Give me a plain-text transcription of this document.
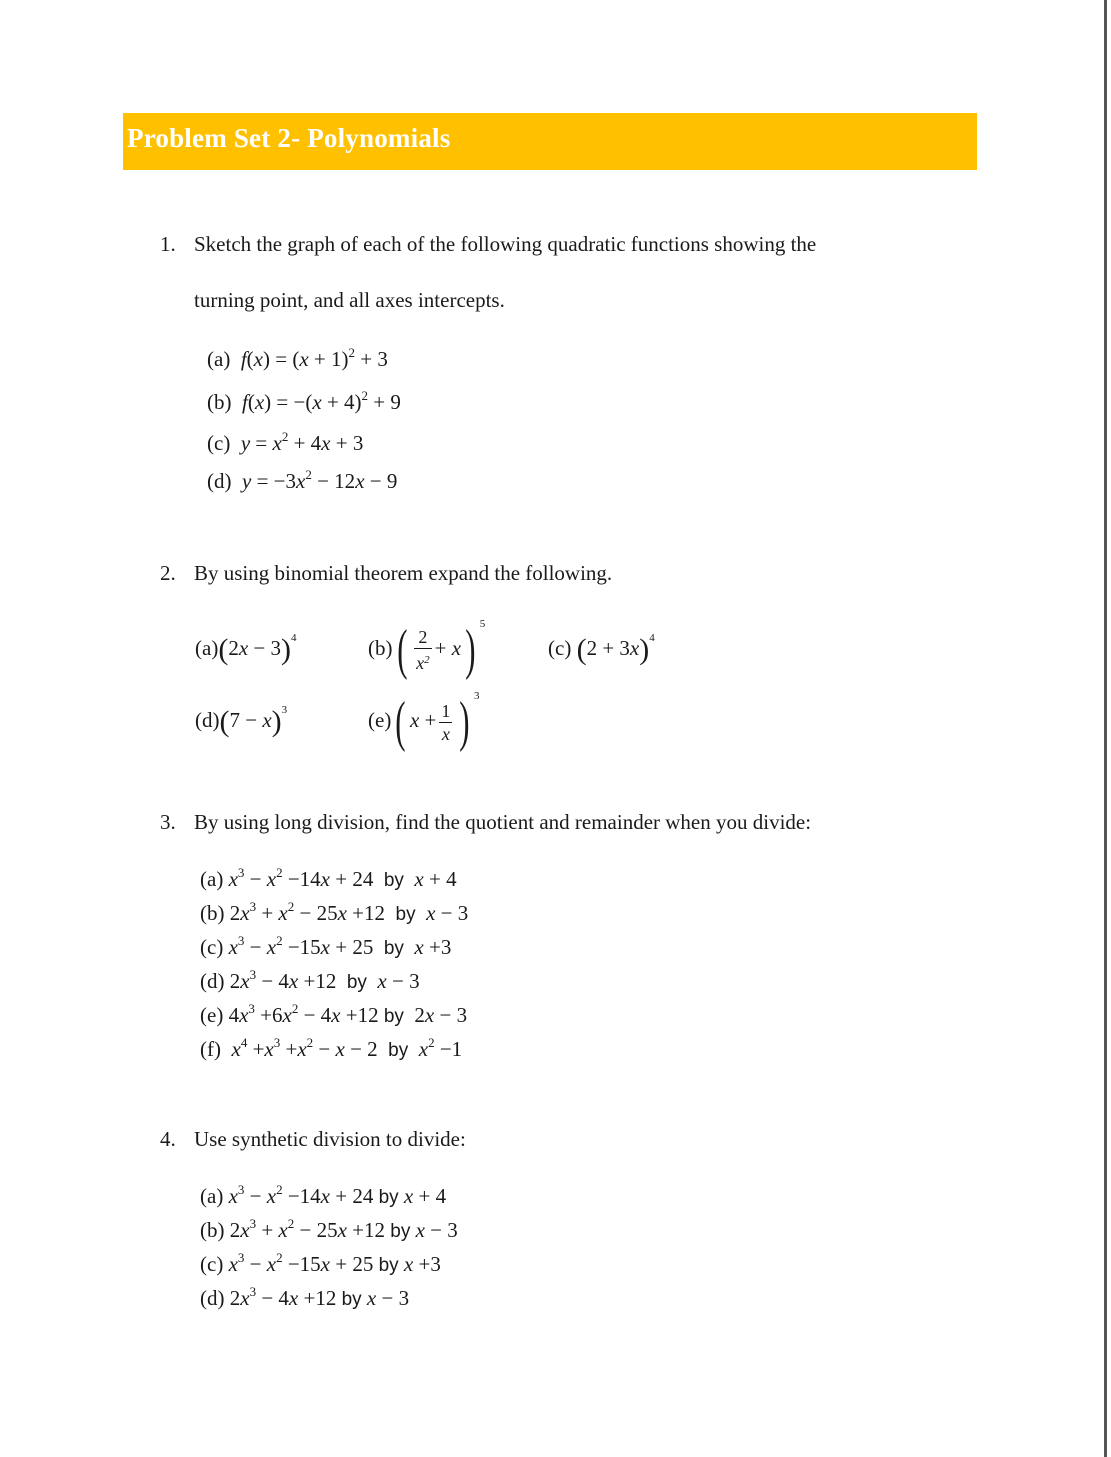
Problem Set 2- Polynomials
1. Sketch the graph of each of the following quadratic functions showing the
turning point, and all axes intercepts.
(a) $f(x) = (x + 1)^2 + 3$
(b) $f(x) = -(x + 4)^2 + 9$
(c) $y = x^2 + 4x + 3$
(d) $y = -3x^2 - 12x - 9$
2. By using binomial theorem expand the following.
$(a)(2x - 3)^4$	$(b)( \frac{2}{x^2} + x)$ $^5$
(c) $(2 + 3x)^4$
$(d)(7 - x)^3$	(e)( $x + \frac{1}{x}$ ) $^3$
3. By using long division, find the quotient and remainder when you divide:
(a) $x^3 - x^2 -14x + 24$  by x + 4
(b) $2x^3 + x^2 - 25x +12$  by x − 3
(c) $x^3 - x^2 -15x + 25$  by x +3
(d) $2x^3 - 4x +12$  by x − 3
(e) $4x^3 +6x^2 - 4x +12$ by  2x − 3
(f) $x^4 +x^3 +x^2 - x - 2$  by $x^2 -1$
4. Use synthetic division to divide:
(a) $x^3 - x^2 -14x + 24$ by x + 4
(b) $2x^3 + x^2 - 25x +12$ by x − 3
(c) $x^3 - x^2 -15x + 25$ by x +3
(d) $2x^3 - 4x +12$ by x − 3
